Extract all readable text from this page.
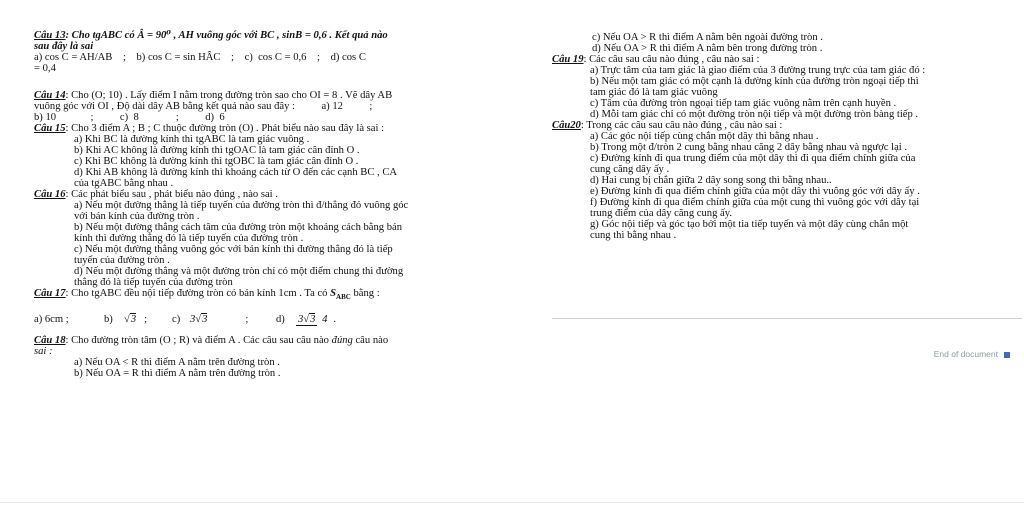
Câu 13: Cho tgABC có Â = 90⁰ , AH vuông góc với BC , sinB = 0,6 . Kết quả nào
sau đây là sai
a) cos C = AH/AB    ;    b) cos C = sin HÂC    ;    c)  cos C = 0,6    ;    d) cos C
= 0,4
Câu 14: Cho (O; 10) . Lấy điểm I nằm trong đường tròn sao cho OI = 8 . Vẽ dây AB
vuông góc với OI , Độ dài dây AB bằng kết quả nào sau đây :          a) 12          ;
b) 10             ;          c)  8              ;          d)  6
Câu 15: Cho 3 điểm A ; B ; C thuộc đường tròn (O) . Phát biểu nào sau đây là sai :
a) Khi BC là đường kính thì tgABC là tam giác vuông .
b) Khi AC không là đường kính thì tgOAC là tam giác cân đỉnh O .
c) Khi BC không là đường kính thì tgOBC là tam giác cân đỉnh O .
d) Khi AB không là đường kính thì khoảng cách từ O đến các cạnh BC , CA
của tgABC bằng nhau .
Câu 16: Các phát biểu sau , phát biểu nào đúng , nào sai .
a) Nếu một đường thẳng là tiếp tuyến của đường tròn thì đ/thẳng đó vuông góc
với bán kính của đường tròn .
b) Nếu một đường thẳng cách tâm của đường tròn một khoảng cách bằng bán
kính thì đường thẳng đó là tiếp tuyến của đường tròn .
c) Nếu một đường thẳng vuông góc với bán kính thì đường thẳng đó là tiếp
tuyến của đường tròn .
d) Nếu một đường thẳng và một đường tròn chỉ có một điểm chung thì đường
thẳng đó là tiếp tuyến của đường tròn
Câu 17: Cho tgABC đều nội tiếp đường tròn có bán kính 1cm . Ta có $S_{ABC}$ bằng :
a) 6cm ;	b)	√3 ;	c) 3√3	;	d)	3√3 4 .
Câu 18: Cho đường tròn tâm (O ; R) và điểm A . Các câu sau câu nào đúng câu nào
sai :
a) Nếu OA < R thì điểm A nằm trên đường tròn .
b) Nếu OA = R thì điểm A nằm trên đường tròn .
c) Nếu OA > R thì điểm A nằm bên ngoài đường tròn .
d) Nếu OA > R thì điểm A nằm bên trong đường tròn .
Câu 19: Các câu sau câu nào đúng , câu nào sai :
a) Trực tâm của tam giác là giao điểm của 3 đường trung trực của tam giác đó :
b) Nếu một tam giác có một cạnh là đường kính của đường tròn ngoại tiếp thì
tam giác đó là tam giác vuông
c) Tâm của đường tròn ngoại tiếp tam giác vuông nằm trên cạnh huyền .
d) Mỗi tam giác chỉ có một đường tròn nội tiếp và một đường tròn bàng tiếp .
Câu20: Trong các câu sau câu nào đúng , câu nào sai :
a) Các góc nội tiếp cùng chắn một dây thì bằng nhau .
b) Trong một đ/tròn 2 cung bằng nhau căng 2 dây bằng nhau và ngược lại .
c) Đường kính đi qua trung điểm của một dây thì đi qua điểm chính giữa của
cung căng dây ấy .
d) Hai cung bị chắn giữa 2 dây song song thì bằng nhau..
e) Đường kính đi qua điểm chính giữa của một dây thì vuông góc với dây ấy .
f) Đường kính đi qua điểm chính giữa của một cung thì vuông góc với dây tại
trung điểm của dây căng cung ấy.
g) Góc nội tiếp và góc tạo bởi một tia tiếp tuyến và một dây cùng chắn một
cung thì bằng nhau .
End of document
